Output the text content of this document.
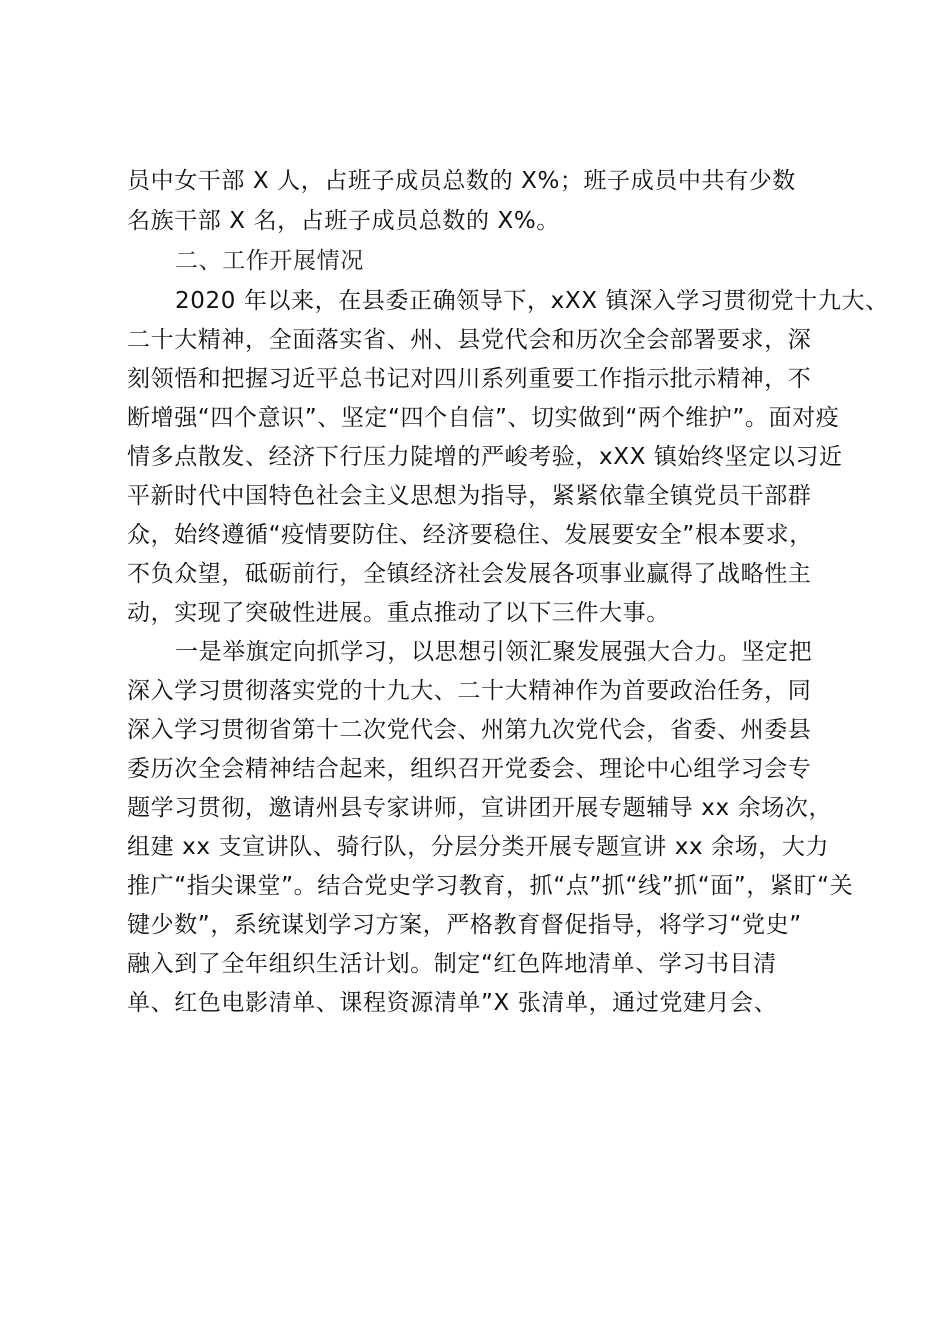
员中女干部 X 人，占班子成员总数的 X%；班子成员中共有少数

名族干部 X 名，占班子成员总数的 X%。

二、工作开展情况

2020 年以来，在县委正确领导下，xXX 镇深入学习贯彻党十九大、

二十大精神，全面落实省、州、县党代会和历次全会部署要求，深

刻领悟和把握习近平总书记对四川系列重要工作指示批示精神，不

断增强“四个意识”、坚定“四个自信”、切实做到“两个维护”。面对疫

情多点散发、经济下行压力陡增的严峻考验，xXX 镇始终坚定以习近

平新时代中国特色社会主义思想为指导，紧紧依靠全镇党员干部群

众，始终遵循“疫情要防住、经济要稳住、发展要安全”根本要求，

不负众望，砥砺前行，全镇经济社会发展各项事业赢得了战略性主

动，实现了突破性进展。重点推动了以下三件大事。

一是举旗定向抓学习，以思想引领汇聚发展强大合力。坚定把

深入学习贯彻落实党的十九大、二十大精神作为首要政治任务，同

深入学习贯彻省第十二次党代会、州第九次党代会，省委、州委县

委历次全会精神结合起来，组织召开党委会、理论中心组学习会专

题学习贯彻，邀请州县专家讲师，宣讲团开展专题辅导 xx 余场次，

组建 xx 支宣讲队、骑行队，分层分类开展专题宣讲 xx 余场，大力

推广“指尖课堂”。结合党史学习教育，抓“点”抓“线”抓“面”，紧盯“关

键少数”，系统谋划学习方案，严格教育督促指导，将学习“党史”

融入到了全年组织生活计划。制定“红色阵地清单、学习书目清

单、红色电影清单、课程资源清单”X 张清单，通过党建月会、
